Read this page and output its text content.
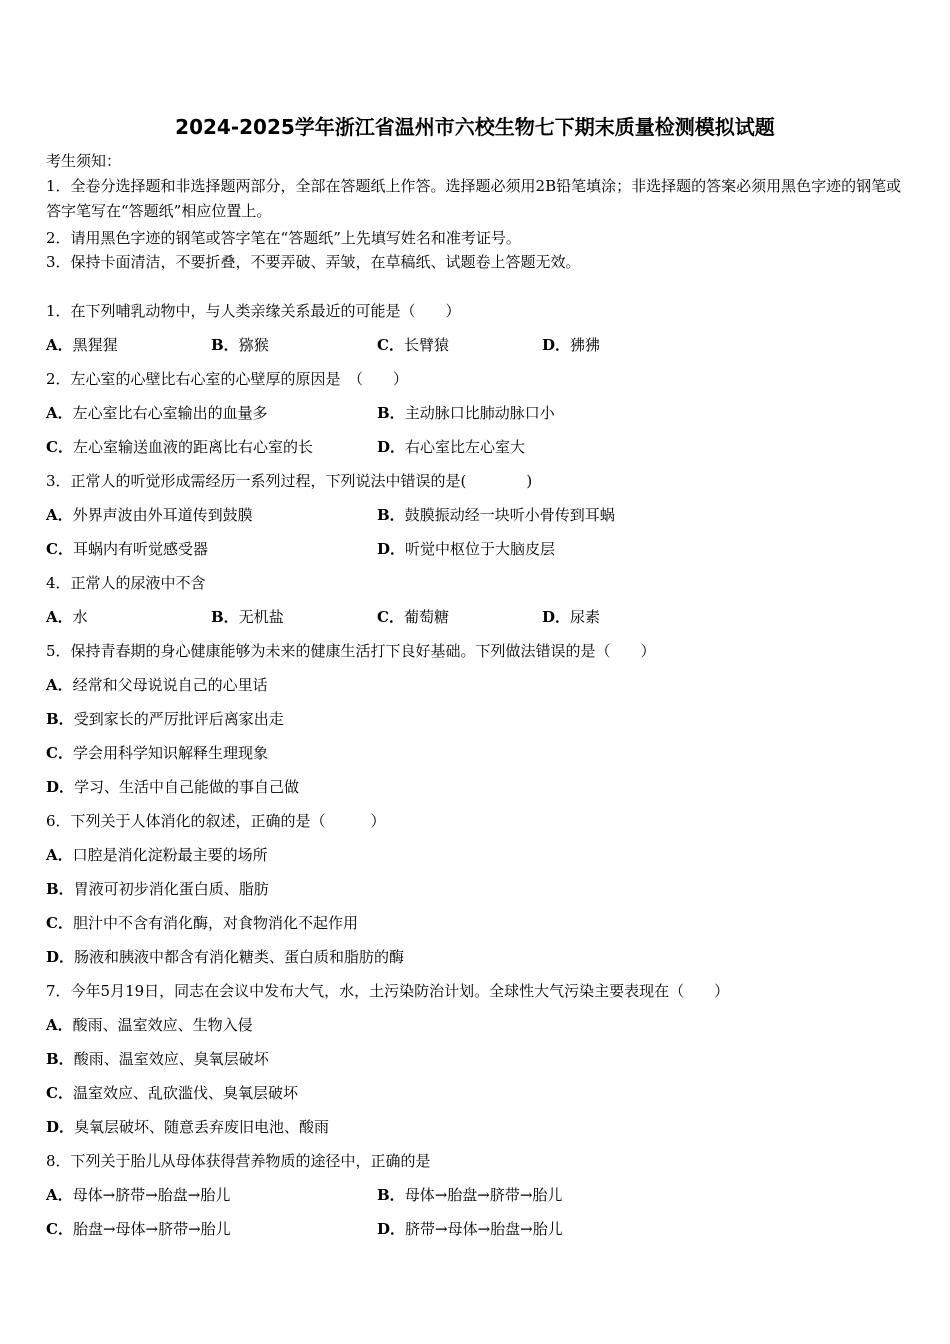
2024-2025学年浙江省温州市六校生物七下期末质量检测模拟试题
考生须知：
1．全卷分选择题和非选择题两部分，全部在答题纸上作答。选择题必须用2B铅笔填涂；非选择题的答案必须用黑色字迹的钢笔或答字笔写在“答题纸”相应位置上。
2．请用黑色字迹的钢笔或答字笔在“答题纸”上先填写姓名和准考证号。
3．保持卡面清洁，不要折叠，不要弄破、弄皱，在草稿纸、试题卷上答题无效。
1．在下列哺乳动物中，与人类亲缘关系最近的可能是（　　）
A．黑猩猩	B．猕猴	C．长臂猿	D．狒狒
2．左心室的心壁比右心室的心壁厚的原因是　（　　）
A．左心室比右心室输出的血量多	B．主动脉口比肺动脉口小
C．左心室输送血液的距离比右心室的长	D．右心室比左心室大
3．正常人的听觉形成需经历一系列过程，下列说法中错误的是(　　　　)
A．外界声波由外耳道传到鼓膜	B．鼓膜振动经一块听小骨传到耳蜗
C．耳蜗内有听觉感受器	D．听觉中枢位于大脑皮层
4．正常人的尿液中不含
A．水	B．无机盐	C．葡萄糖	D．尿素
5．保持青春期的身心健康能够为未来的健康生活打下良好基础。下列做法错误的是（　　）
A．经常和父母说说自己的心里话
B．受到家长的严厉批评后离家出走
C．学会用科学知识解释生理现象
D．学习、生活中自己能做的事自己做
6．下列关于人体消化的叙述，正确的是（　　　）
A．口腔是消化淀粉最主要的场所
B．胃液可初步消化蛋白质、脂肪
C．胆汁中不含有消化酶，对食物消化不起作用
D．肠液和胰液中都含有消化糖类、蛋白质和脂肪的酶
7．今年5月19日，同志在会议中发布大气，水，土污染防治计划。全球性大气污染主要表现在（　　）
A．酸雨、温室效应、生物入侵
B．酸雨、温室效应、臭氧层破坏
C．温室效应、乱砍滥伐、臭氧层破坏
D．臭氧层破坏、随意丢弃废旧电池、酸雨
8．下列关于胎儿从母体获得营养物质的途径中，正确的是
A．母体→脐带→胎盘→胎儿	B．母体→胎盘→脐带→胎儿
C．胎盘→母体→脐带→胎儿	D．脐带→母体→胎盘→胎儿
